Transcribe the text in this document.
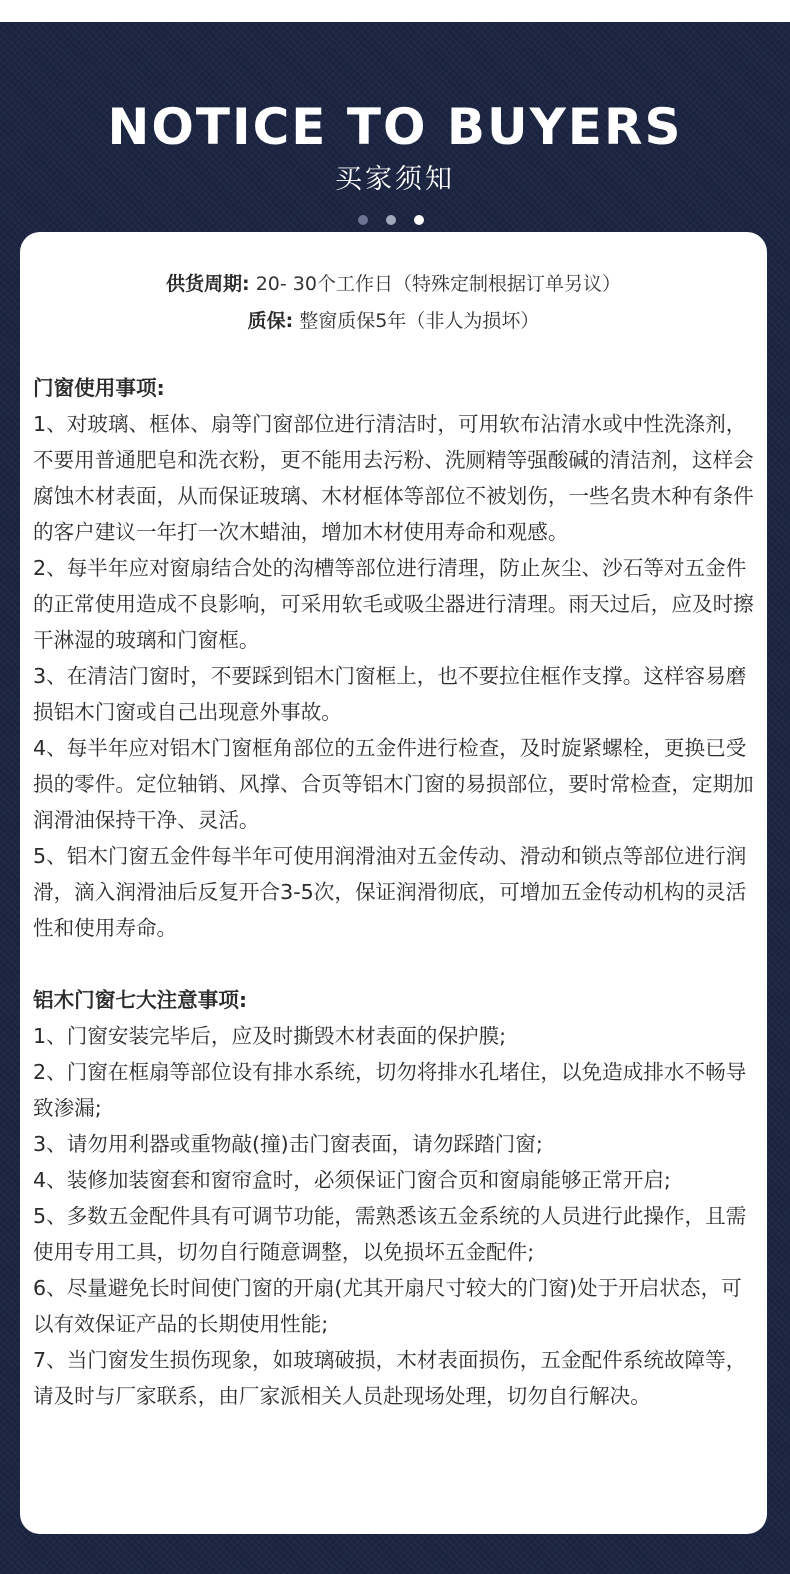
NOTICE TO BUYERS
买家须知
供货周期: 20- 30个工作日（特殊定制根据订单另议）
质保: 整窗质保5年（非人为损坏）

门窗使用事项:

1、对玻璃、框体、扇等门窗部位进行清洁时，可用软布沾清水或中性洗涤剂，不要用普通肥皂和洗衣粉，更不能用去污粉、洗厕精等强酸碱的清洁剂，这样会腐蚀木材表面，从而保证玻璃、木材框体等部位不被划伤，一些名贵木种有条件的客户建议一年打一次木蜡油，增加木材使用寿命和观感。

2、每半年应对窗扇结合处的沟槽等部位进行清理，防止灰尘、沙石等对五金件的正常使用造成不良影响，可采用软毛或吸尘器进行清理。雨天过后，应及时擦干淋湿的玻璃和门窗框。

3、在清洁门窗时，不要踩到铝木门窗框上，也不要拉住框作支撑。这样容易磨损铝木门窗或自己出现意外事故。

4、每半年应对铝木门窗框角部位的五金件进行检查，及时旋紧螺栓，更换已受损的零件。定位轴销、风撑、合页等铝木门窗的易损部位，要时常检查，定期加润滑油保持干净、灵活。

5、铝木门窗五金件每半年可使用润滑油对五金传动、滑动和锁点等部位进行润滑，滴入润滑油后反复开合3-5次，保证润滑彻底，可增加五金传动机构的灵活性和使用寿命。

铝木门窗七大注意事项:

1、门窗安装完毕后，应及时撕毁木材表面的保护膜;

2、门窗在框扇等部位设有排水系统，切勿将排水孔堵住，以免造成排水不畅导致渗漏;

3、请勿用利器或重物敲(撞)击门窗表面，请勿踩踏门窗;

4、装修加装窗套和窗帘盒时，必须保证门窗合页和窗扇能够正常开启;

5、多数五金配件具有可调节功能，需熟悉该五金系统的人员进行此操作，且需使用专用工具，切勿自行随意调整，以免损坏五金配件;

6、尽量避免长时间使门窗的开扇(尤其开扇尺寸较大的门窗)处于开启状态，可以有效保证产品的长期使用性能;

7、当门窗发生损伤现象，如玻璃破损，木材表面损伤，五金配件系统故障等，请及时与厂家联系，由厂家派相关人员赴现场处理，切勿自行解决。
